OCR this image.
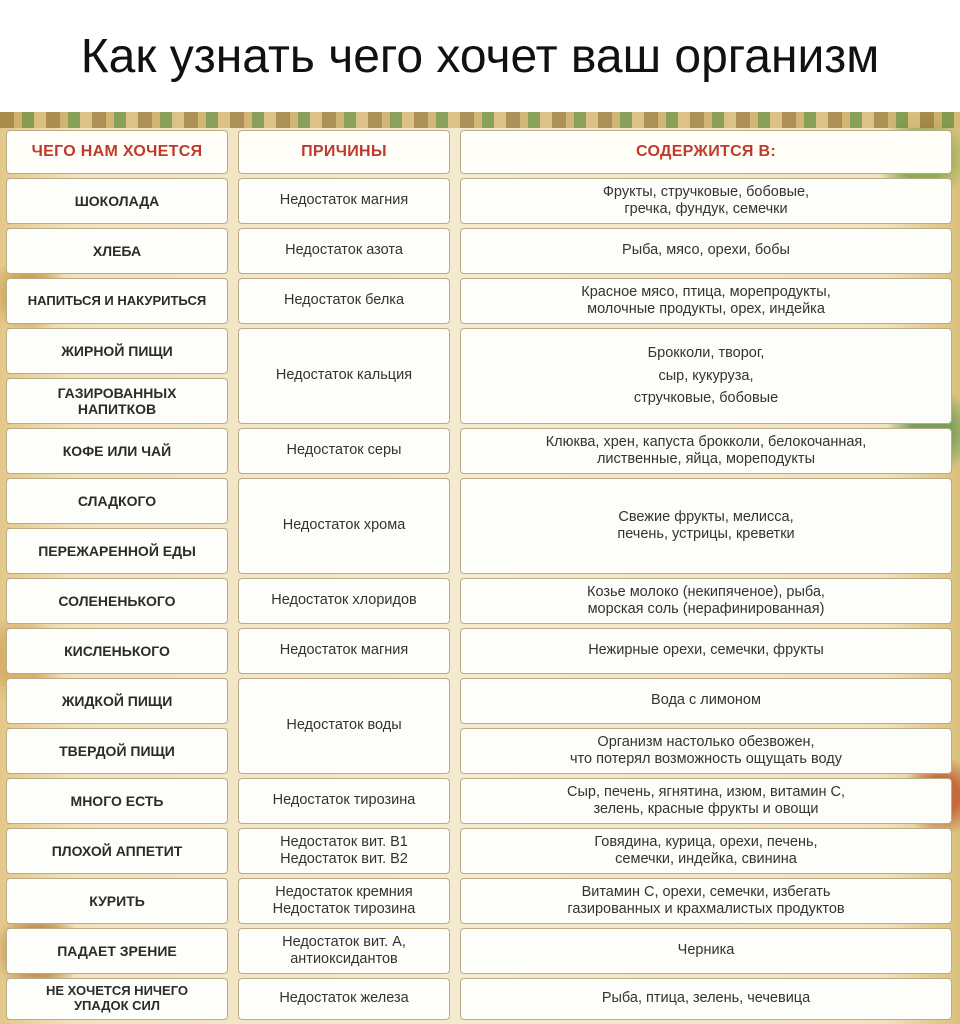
Как узнать чего хочет ваш организм
ЧЕГО НАМ ХОЧЕТСЯ	ПРИЧИНЫ	СОДЕРЖИТСЯ В:
ШОКОЛАДА
ХЛЕБА
НАПИТЬСЯ И НАКУРИТЬСЯ
ЖИРНОЙ ПИЩИ
ГАЗИРОВАННЫХ
НАПИТКОВ
КОФЕ ИЛИ ЧАЙ
СЛАДКОГО
ПЕРЕЖАРЕННОЙ ЕДЫ
СОЛЕНЕНЬКОГО
КИСЛЕНЬКОГО
ЖИДКОЙ ПИЩИ
ТВЕРДОЙ ПИЩИ
МНОГО ЕСТЬ
ПЛОХОЙ АППЕТИТ
КУРИТЬ
ПАДАЕТ ЗРЕНИЕ
НЕ ХОЧЕТСЯ НИЧЕГО
УПАДОК СИЛ
Недостаток магния
Недостаток азота
Недостаток белка
Недостаток кальция
Недостаток серы
Недостаток хрома
Недостаток хлоридов
Недостаток магния
Недостаток воды
Недостаток тирозина
Недостаток вит. В1
Недостаток вит. В2
Недостаток кремния
Недостаток тирозина
Недостаток вит. А,
антиоксидантов
Недостаток железа
Фрукты, стручковые, бобовые,
гречка, фундук, семечки
Рыба, мясо, орехи, бобы
Красное мясо, птица, морепродукты,
молочные продукты, орех, индейка
Брокколи, творог,
сыр, кукуруза,
стручковые, бобовые
Клюква, хрен, капуста брокколи, белокочанная,
лиственные, яйца, мореподукты
Свежие фрукты, мелисса,
печень, устрицы, креветки
Козье молоко (некипяченое), рыба,
морская соль (нерафинированная)
Нежирные орехи, семечки, фрукты
Вода с лимоном
Организм настолько обезвожен,
что потерял возможность ощущать воду
Сыр, печень, ягнятина, изюм, витамин С,
зелень, красные фрукты и овощи
Говядина, курица, орехи, печень,
семечки, индейка, свинина
Витамин С, орехи, семечки, избегать
газированных и крахмалистых продуктов
Черника
Рыба, птица, зелень, чечевица
